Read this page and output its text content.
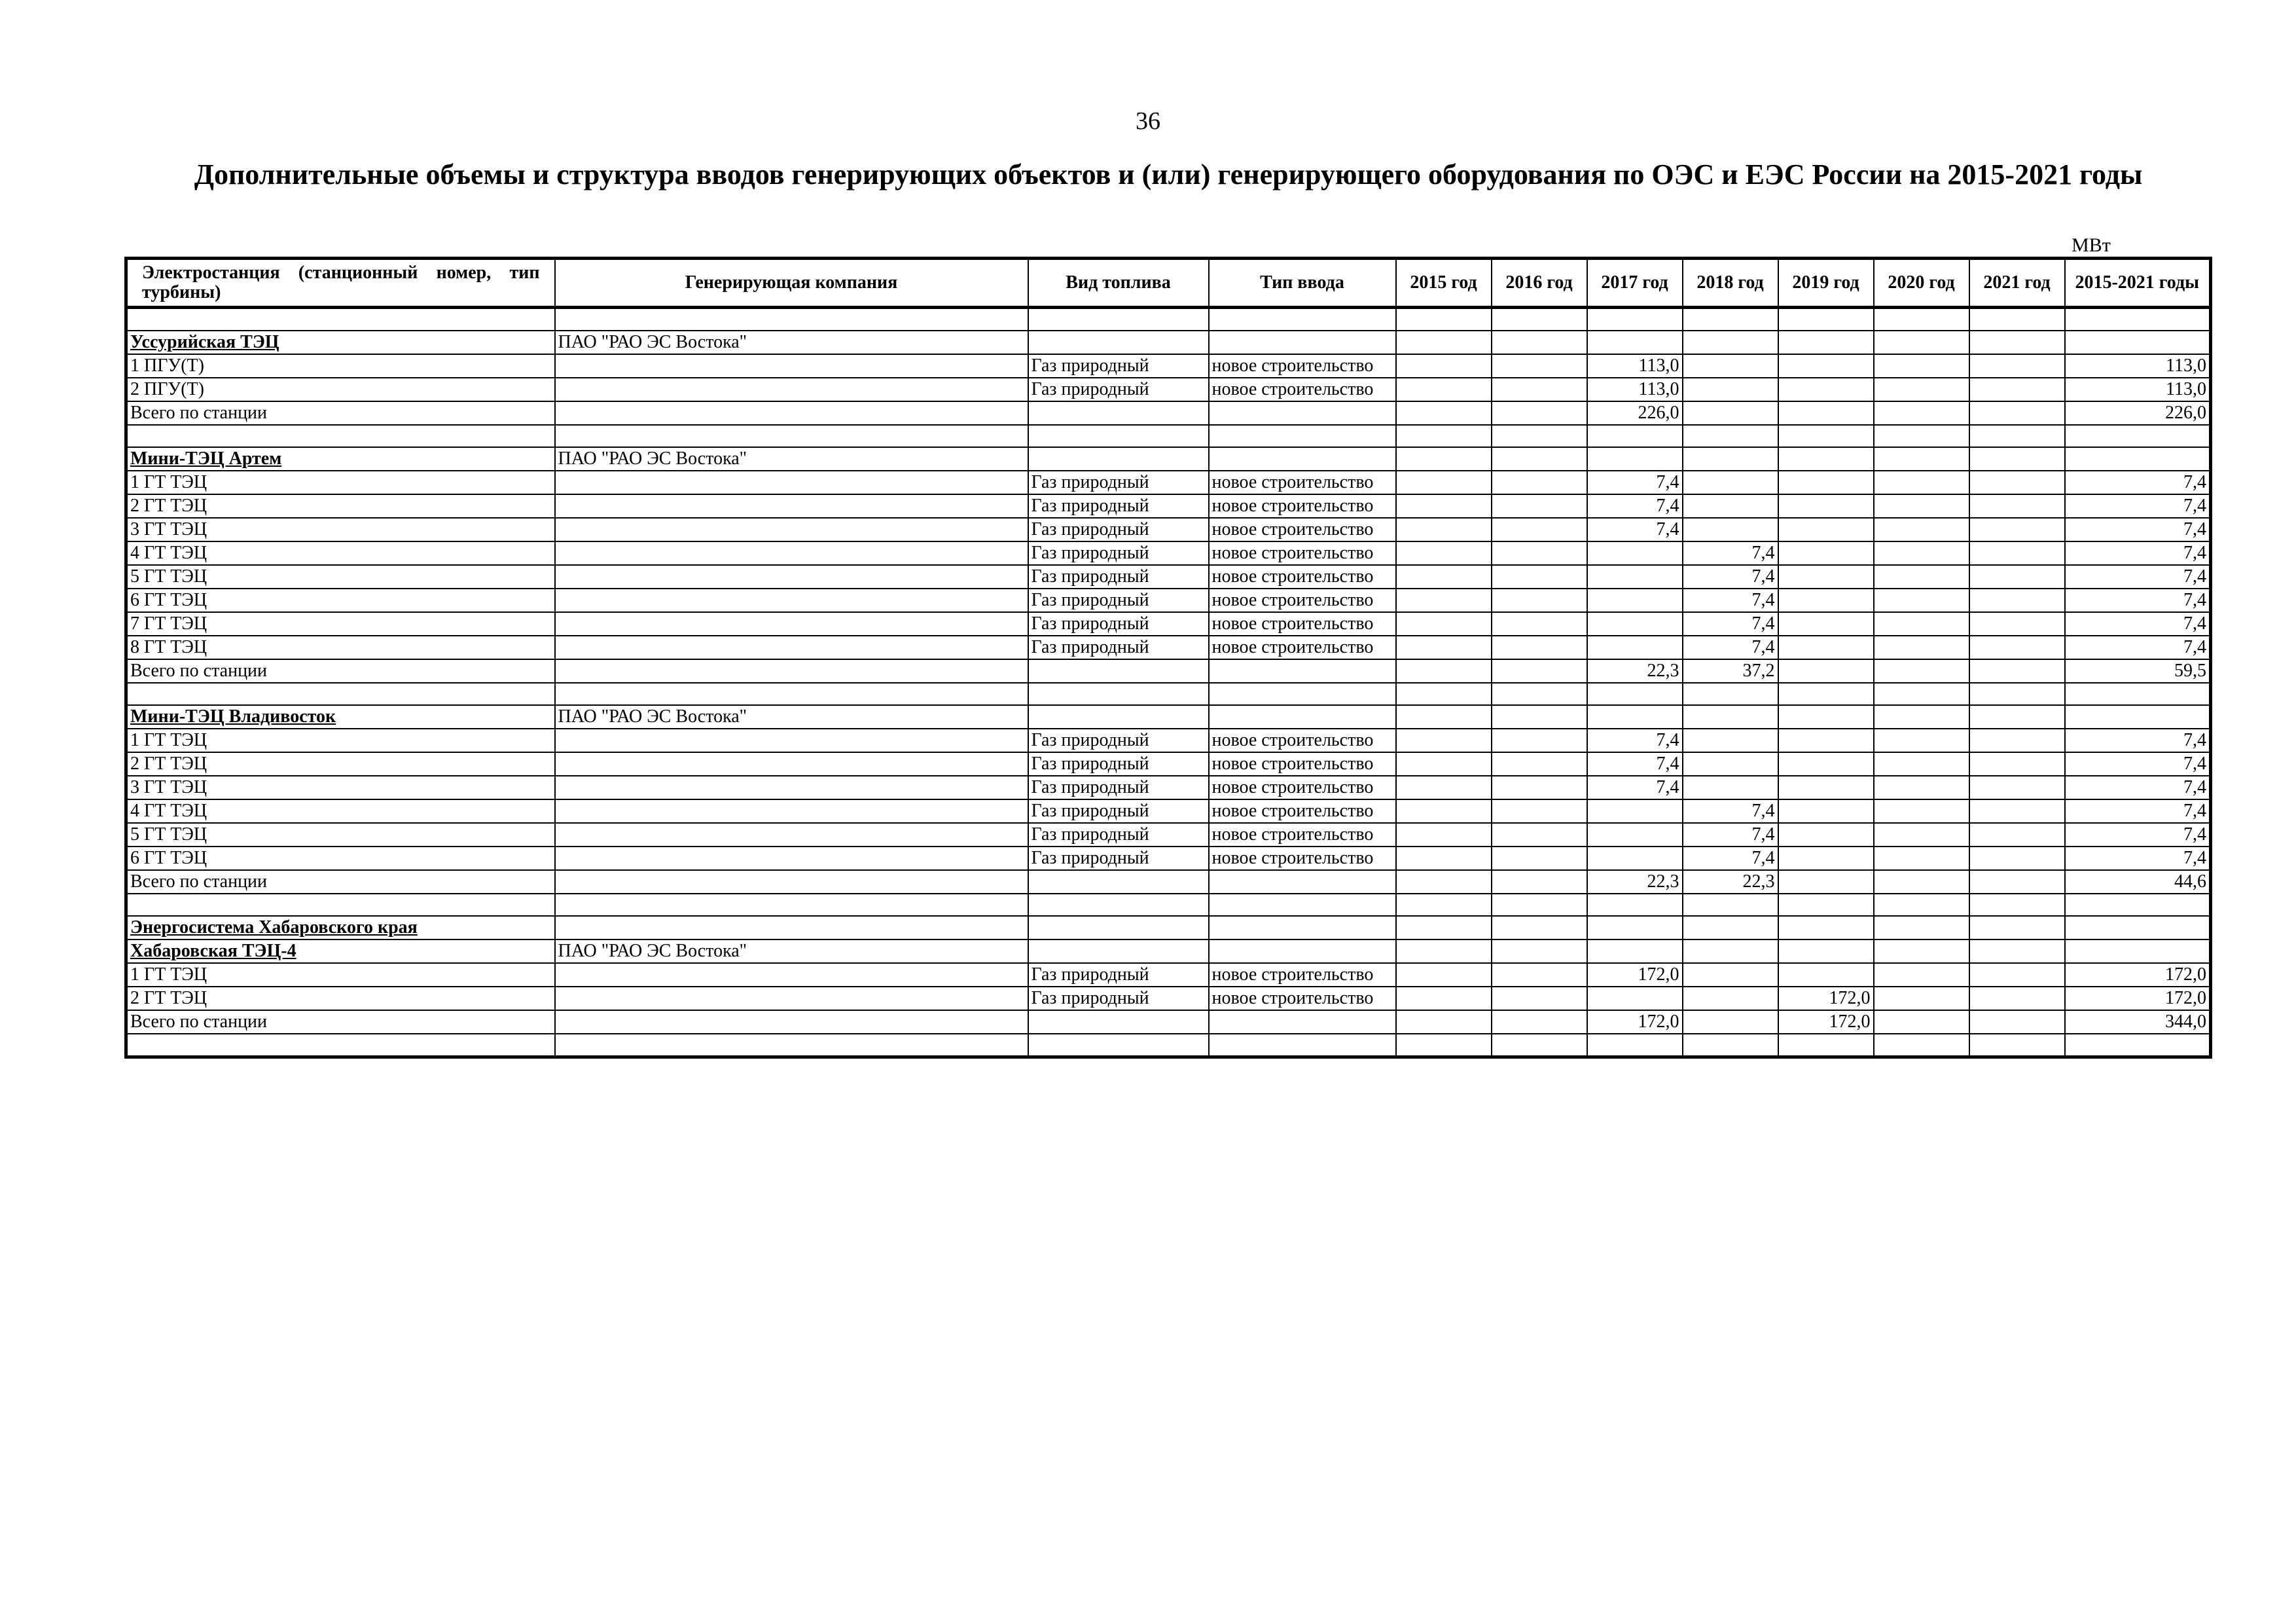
36
Дополнительные объемы и структура вводов генерирующих объектов и (или) генерирующего оборудования по ОЭС и ЕЭС России на 2015-2021 годы
МВт
Электростанция (станционный номер, тип турбины)	Генерирующая компания	Вид топлива	Тип ввода	2015 год	2016 год	2017 год	2018 год	2019 год	2020 год	2021 год	2015-2021 годы

Уссурийская ТЭЦ	ПАО "РАО ЭС Востока"										
1 ПГУ(Т)		Газ природный	новое строительство			113,0					113,0
2 ПГУ(Т)		Газ природный	новое строительство			113,0					113,0
Всего по станции						226,0					226,0

Мини-ТЭЦ Артем	ПАО "РАО ЭС Востока"										
1 ГТ ТЭЦ		Газ природный	новое строительство			7,4					7,4
2 ГТ ТЭЦ		Газ природный	новое строительство			7,4					7,4
3 ГТ ТЭЦ		Газ природный	новое строительство			7,4					7,4
4 ГТ ТЭЦ		Газ природный	новое строительство				7,4				7,4
5 ГТ ТЭЦ		Газ природный	новое строительство				7,4				7,4
6 ГТ ТЭЦ		Газ природный	новое строительство				7,4				7,4
7 ГТ ТЭЦ		Газ природный	новое строительство				7,4				7,4
8 ГТ ТЭЦ		Газ природный	новое строительство				7,4				7,4
Всего по станции						22,3	37,2				59,5

Мини-ТЭЦ Владивосток	ПАО "РАО ЭС Востока"										
1 ГТ ТЭЦ		Газ природный	новое строительство			7,4					7,4
2 ГТ ТЭЦ		Газ природный	новое строительство			7,4					7,4
3 ГТ ТЭЦ		Газ природный	новое строительство			7,4					7,4
4 ГТ ТЭЦ		Газ природный	новое строительство				7,4				7,4
5 ГТ ТЭЦ		Газ природный	новое строительство				7,4				7,4
6 ГТ ТЭЦ		Газ природный	новое строительство				7,4				7,4
Всего по станции						22,3	22,3				44,6

Энергосистема Хабаровского края											
Хабаровская ТЭЦ-4	ПАО "РАО ЭС Востока"										
1 ГТ ТЭЦ		Газ природный	новое строительство			172,0					172,0
2 ГТ ТЭЦ		Газ природный	новое строительство					172,0			172,0
Всего по станции						172,0		172,0			344,0
